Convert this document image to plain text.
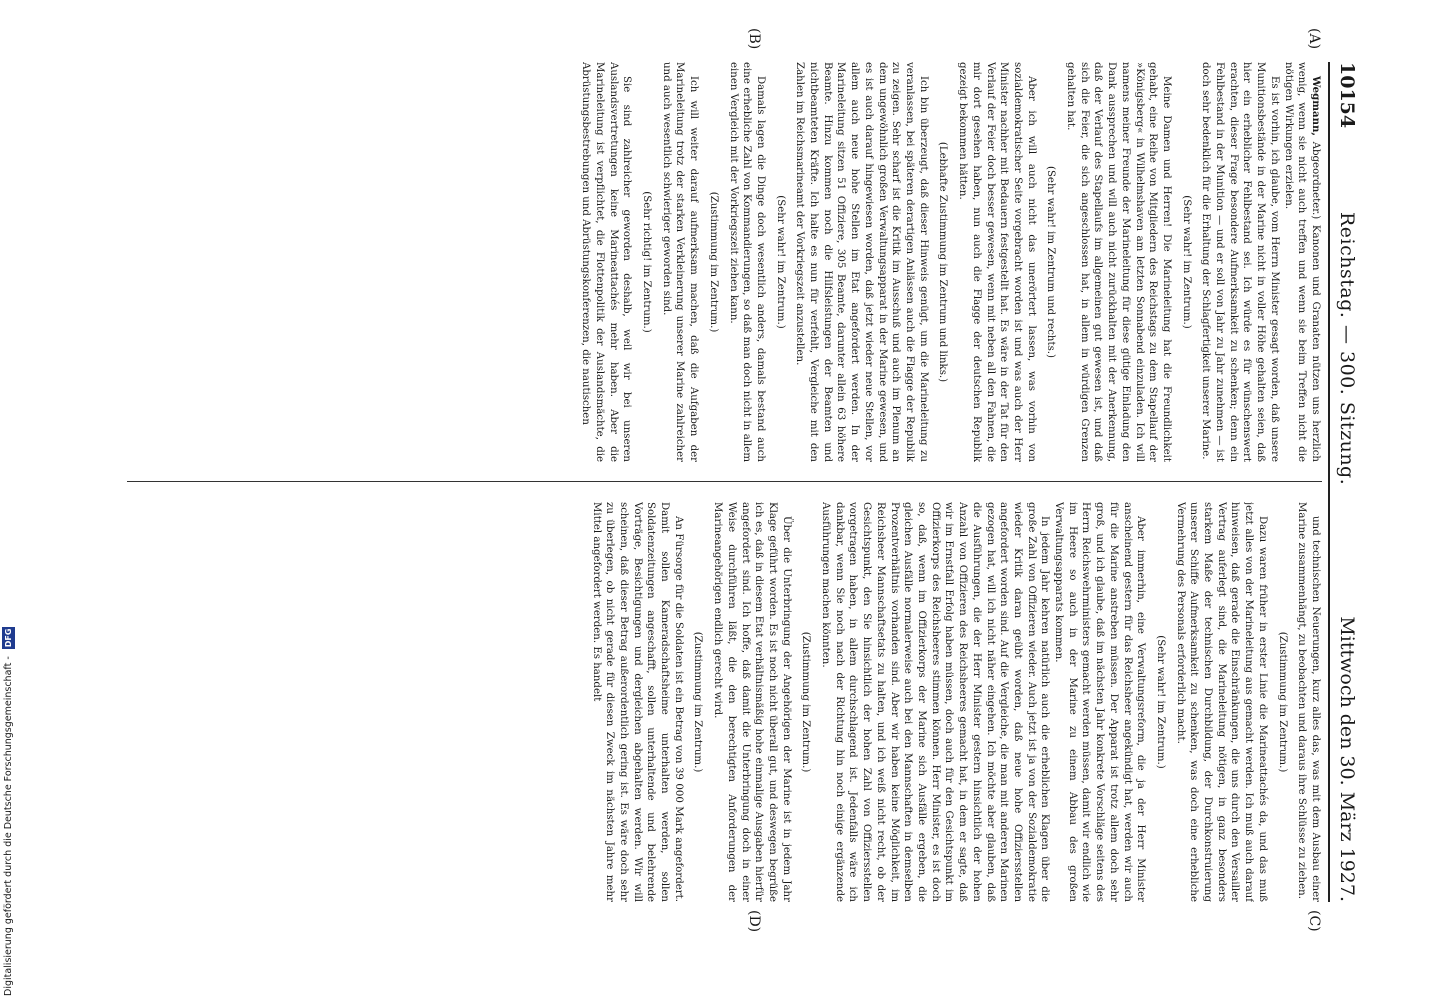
10154
Reichstag. — 300. Sitzung.
Mittwoch den 30. März 1927.
(A)
(B)
(C)
(D)

Wegmann, Abgeordneter.) Kanonen und Granaten nützen uns herzlich wenig, wenn sie nicht auch treffen und wenn sie beim Treffen nicht die nötigen Wirkungen erzielen.

Es ist vorhin, ich glaube, vom Herrn Minister gesagt worden, daß unsere Munitionsbestände in der Marine nicht in voller Höhe gehalten seien, daß hier ein erheblicher Fehlbestand sei. Ich würde es für wünschenswert erachten, dieser Frage besondere Aufmerksamkeit zu schenken; denn ein Fehlbestand in der Munition — und er soll von Jahr zu Jahr zunehmen — ist doch sehr bedenklich für die Erhaltung der Schlagfertigkeit unserer Marine.

(Sehr wahr! im Zentrum.)

Meine Damen und Herren! Die Marineleitung hat die Freundlichkeit gehabt, eine Reihe von Mitgliedern des Reichstags zu dem Stapellauf der »Königsberg« in Wilhelmshaven am letzten Sonnabend einzuladen. Ich will namens meiner Freunde der Marineleitung für diese gütige Einladung den Dank aussprechen und will auch nicht zurückhalten mit der Anerkennung, daß der Verlauf des Stapellaufs im allgemeinen gut gewesen ist, und daß sich die Feier, die sich angeschlossen hat, in allem in würdigen Grenzen gehalten hat.

(Sehr wahr! im Zentrum und rechts.)

Aber ich will auch nicht das unerörtert lassen, was vorhin von sozialdemokratischer Seite vorgebracht worden ist und was auch der Herr Minister nachher mit Bedauern festgestellt hat. Es wäre in der Tat für den Verlauf der Feier doch besser gewesen, wenn mit neben all den Fahnen, die mir dort gesehen haben, nun auch die Flagge der deutschen Republik gezeigt bekommen hätten.

(Lebhafte Zustimmung im Zentrum und links.)

Ich bin überzeugt, daß dieser Hinweis genügt, um die Marineleitung zu veranlassen, bei späteren derartigen Anlässen auch die Flagge der Republik zu zeigen. Sehr scharf ist die Kritik im Ausschuß und auch im Plenum an dem ungewöhnlich großen Verwaltungsapparat in der Marine gewesen, und es ist auch darauf hingewiesen worden, daß jetzt wieder neue Stellen, vor allem auch neue hohe Stellen im Etat angefordert werden. In der Marineleitung sitzen 51 Offiziere, 305 Beamte, darunter allein 63 höhere Beamte. Hinzu kommen noch die Hilfsleistungen der Beamten und nichtbeamteten Kräfte. Ich halte es nun für verfehlt, Vergleiche mit den Zahlen im Reichsmarineamt der Vorkriegszeit anzustellen.

(Sehr wahr! im Zentrum.)

Damals lagen die Dinge doch wesentlich anders, damals bestand auch eine erhebliche Zahl von Kommandierungen, so daß man doch nicht in allem einen Vergleich mit der Vorkriegszeit ziehen kann.

(Zustimmung im Zentrum.)

Ich will weiter darauf aufmerksam machen, daß die Aufgaben der Marineleitung trotz der starken Verkleinerung unserer Marine zahlreicher und auch wesentlich schwieriger geworden sind.

(Sehr richtig! im Zentrum.)

Sie sind zahlreicher geworden deshalb, weil wir bei unseren Auslandsvertretungen keine Marineattachés mehr haben. Aber die Marineleitung ist verpflichtet, die Flottenpolitik der Auslandsmächte, die Abrüstungsbestrebungen und Abrüstungskonferenzen, die nautischen

und technischen Neuerungen, kurz alles das, was mit dem Ausbau einer Marine zusammenhängt, zu beobachten und daraus ihre Schlüsse zu ziehen.

(Zustimmung im Zentrum.)

Dazu waren früher in erster Linie die Marineattachés da, und das muß jetzt alles von der Marineleitung aus gemacht werden. Ich muß auch darauf hinweisen, daß gerade die Einschränkungen, die uns durch den Versailler Vertrag auferlegt sind, die Marineleitung nötigen, in ganz besonders starkem Maße der technischen Durchbildung, der Durchkonstruierung unserer Schiffe Aufmerksamkeit zu schenken, was doch eine erhebliche Vermehrung des Personals erforderlich macht.

(Sehr wahr! im Zentrum.)

Aber immerhin, eine Verwaltungsreform, die ja der Herr Minister anscheinend gestern für das Reichsheer angekündigt hat, werden wir auch für die Marine anstreben müssen. Der Apparat ist trotz allem doch sehr groß, und ich glaube, daß im nächsten Jahr konkrete Vorschläge seitens des Herrn Reichswehrministers gemacht werden müssen, damit wir endlich wie im Heere so auch in der Marine zu einem Abbau des großen Verwaltungsapparats kommen.

In jedem Jahr kehren natürlich auch die erheblichen Klagen über die große Zahl von Offizieren wieder. Auch jetzt ist ja von der Sozialdemokratie wieder Kritik daran geübt worden, daß neue hohe Offiziersstellen angefordert worden sind. Auf die Vergleiche, die man mit anderen Marinen gezogen hat, will ich nicht näher eingehen. Ich möchte aber glauben, daß die Ausführungen, die der Herr Minister gestern hinsichtlich der hohen Anzahl von Offizieren des Reichsheeres gemacht hat, in dem er sagte, daß wir im Ernstfall Erfolg haben müssen, doch auch für den Gesichtspunkt im Offizierkorps des Reichsheeres stimmen können. Herr Minister, es ist doch so, daß, wenn im Offizierkorps der Marine sich Ausfälle ergeben, die gleichen Ausfälle normalerweise auch bei den Mannschaften in demselben Prozentverhältnis vorhanden sind. Aber wir haben keine Möglichkeit, im Reichsheer Mannschaftsetats zu halten, und ich weiß nicht recht, ob der Gesichtspunkt, den Sie hinsichtlich der hohen Zahl von Offiziersstellen vorgetragen haben, in allem durchschlagend ist. Jedenfalls wäre ich dankbar, wenn Sie noch nach der Richtung hin noch einige ergänzende Ausführungen machen könnten.

(Zustimmung im Zentrum.)

Über die Unterbringung der Angehörigen der Marine ist in jedem Jahr Klage geführt worden. Es ist noch nicht überall gut, und deswegen begrüße ich es, daß in diesem Etat verhältnismäßig hohe einmalige Ausgaben hierfür angefordert sind. Ich hoffe, daß damit die Unterbringung doch in einer Weise durchführen läßt, die den berechtigten Anforderungen der Marineangehörigen endlich gerecht wird.

(Zustimmung im Zentrum.)

An Fürsorge für die Soldaten ist ein Betrag von 39 000 Mark angefordert. Damit sollen Kameradschaftsheime unterhalten werden, sollen Soldatenzeitungen angeschafft, sollen unterhaltende und belehrende Vorträge, Besichtigungen und dergleichen abgehalten werden. Wir will scheinen, daß dieser Betrag außerordentlich gering ist. Es wäre doch sehr zu überlegen, ob nicht gerade für diesen Zweck im nächsten Jahre mehr Mittel angefordert werden. Es handelt

Digitalisierung gefördert durch die Deutsche Forschungsgemeinschaft - DFG
